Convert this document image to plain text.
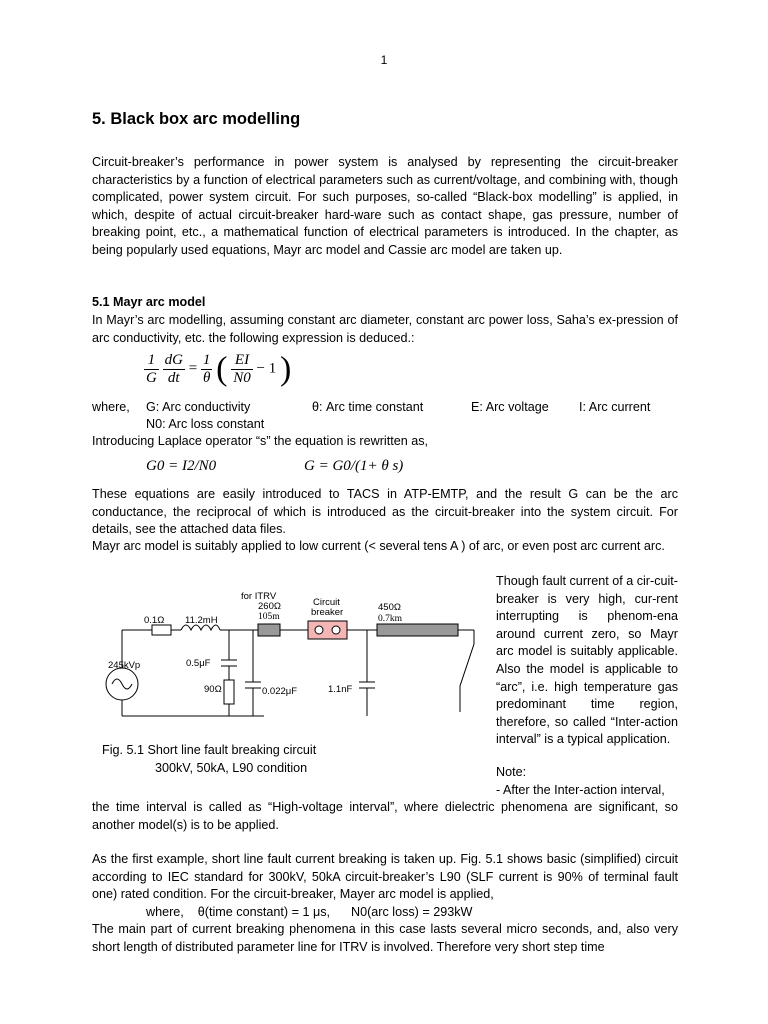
1
5. Black box arc modelling
Circuit-breaker’s performance in power system is analysed by representing the circuit-breaker characteristics by a function of electrical parameters such as current/voltage, and combining with, though complicated, power system circuit. For such purposes, so-called “Black-box modelling” is applied, in which, despite of actual circuit-breaker hard-ware such as contact shape, gas pressure, number of breaking point, etc., a mathematical function of electrical parameters is introduced. In the chapter, as being popularly used equations, Mayr arc model and Cassie arc model are taken up.
5.1 Mayr arc model
In Mayr’s arc modelling, assuming constant arc diameter, constant arc power loss, Saha’s ex-pression of arc conductivity, etc. the following expression is deduced.:
$\frac{1}{G}$
$\frac{dG}{dt} = \frac{1}{\theta}$ ( $\frac{EI}{N0} - 1$ )
where, G: Arc conductivity	θ: Arc time constant	E: Arc voltage I: Arc current
N0: Arc loss constant
Introducing Laplace operator “s” the equation is rewritten as,
G0 = I2/N0	G = G0/(1+ θ s)
These equations are easily introduced to TACS in ATP-EMTP, and the result G can be the arc conductance, the reciprocal of which is introduced as the circuit-breaker into the system circuit. For details, see the attached data files.
Mayr arc model is suitably applied to low current (< several tens A ) of arc, or even post arc current arc.
0.1Ω 11.2mH
245kVp	0.5μF
90Ω	0.022μF
for ITRV
260Ω
105m
Circuit
breaker
1.1nF
450Ω
0.7km
Fig. 5.1 Short line fault breaking circuit
300kV, 50kA, L90 condition
Though fault current of a cir-cuit-breaker is very high, cur-rent interrupting is phenom-ena around current zero, so Mayr arc model is suitably applicable. Also the model is applicable to “arc”, i.e. high temperature gas predominant time region, therefore, so called “Inter-action interval” is a typical application.
Note:
- After the Inter-action interval,
the time interval is called as “High-voltage interval”, where dielectric phenomena are significant, so another model(s) is to be applied.
As the first example, short line fault current breaking is taken up. Fig. 5.1 shows basic (simplified) circuit according to IEC standard for 300kV, 50kA circuit-breaker’s L90 (SLF current is 90% of terminal fault one) rated condition. For the circuit-breaker, Mayer arc model is applied,
where,    θ(time constant) = 1 μs,      N0(arc loss) = 293kW
The main part of current breaking phenomena in this case lasts several micro seconds, and, also very short length of distributed parameter line for ITRV is involved. Therefore very short step time
